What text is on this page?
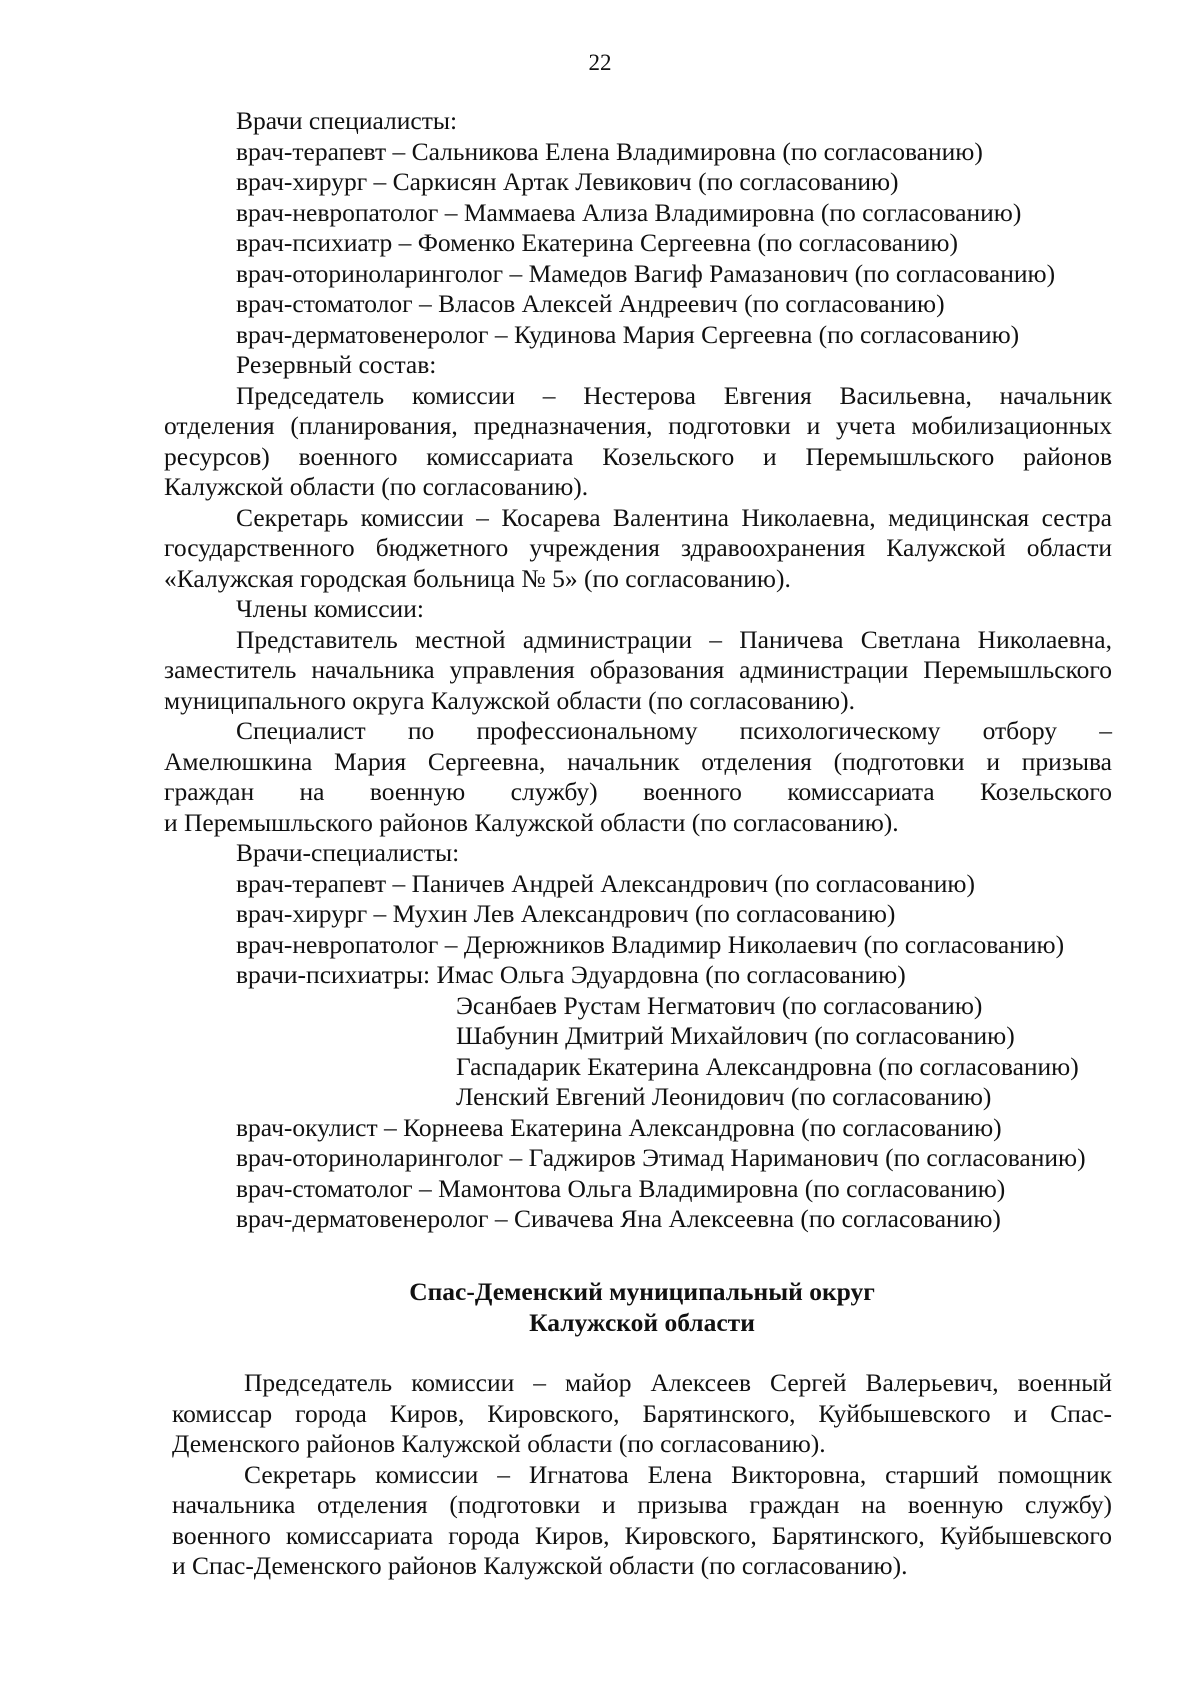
22
Врачи специалисты:
врач-терапевт – Сальникова Елена Владимировна (по согласованию)
врач-хирург – Саркисян Артак Левикович (по согласованию)
врач-невропатолог – Маммаева Ализа Владимировна (по согласованию)
врач-психиатр – Фоменко Екатерина Сергеевна (по согласованию)
врач-оториноларинголог – Мамедов Вагиф Рамазанович (по согласованию)
врач-стоматолог – Власов Алексей Андреевич (по согласованию)
врач-дерматовенеролог – Кудинова Мария Сергеевна (по согласованию)
Резервный состав:
Председатель комиссии – Нестерова Евгения Васильевна, начальник
отделения (планирования, предназначения, подготовки и учета мобилизационных
ресурсов) военного комиссариата Козельского и Перемышльского районов
Калужской области (по согласованию).
Секретарь комиссии – Косарева Валентина Николаевна, медицинская сестра
государственного бюджетного учреждения здравоохранения Калужской области
«Калужская городская больница № 5» (по согласованию).
Члены комиссии:
Представитель местной администрации – Паничева Светлана Николаевна,
заместитель начальника управления образования администрации Перемышльского
муниципального округа Калужской области (по согласованию).
Специалист по профессиональному психологическому отбору –
Амелюшкина Мария Сергеевна, начальник отделения (подготовки и призыва
граждан на военную службу) военного комиссариата Козельского
и Перемышльского районов Калужской области (по согласованию).
Врачи-специалисты:
врач-терапевт – Паничев Андрей Александрович (по согласованию)
врач-хирург – Мухин Лев Александрович (по согласованию)
врач-невропатолог – Дерюжников Владимир Николаевич (по согласованию)
врачи-психиатры: Имас Ольга Эдуардовна (по согласованию)
Эсанбаев Рустам Негматович (по согласованию)
Шабунин Дмитрий Михайлович (по согласованию)
Гаспадарик Екатерина Александровна (по согласованию)
Ленский Евгений Леонидович (по согласованию)
врач-окулист – Корнеева Екатерина Александровна (по согласованию)
врач-оториноларинголог – Гаджиров Этимад Нариманович (по согласованию)
врач-стоматолог – Мамонтова Ольга Владимировна (по согласованию)
врач-дерматовенеролог – Сивачева Яна Алексеевна (по согласованию)
Спас-Деменский муниципальный округ
Калужской области
Председатель комиссии – майор Алексеев Сергей Валерьевич, военный
комиссар города Киров, Кировского, Барятинского, Куйбышевского и Спас-
Деменского районов Калужской области (по согласованию).
Секретарь комиссии – Игнатова Елена Викторовна, старший помощник
начальника отделения (подготовки и призыва граждан на военную службу)
военного комиссариата города Киров, Кировского, Барятинского, Куйбышевского
и Спас-Деменского районов Калужской области (по согласованию).
